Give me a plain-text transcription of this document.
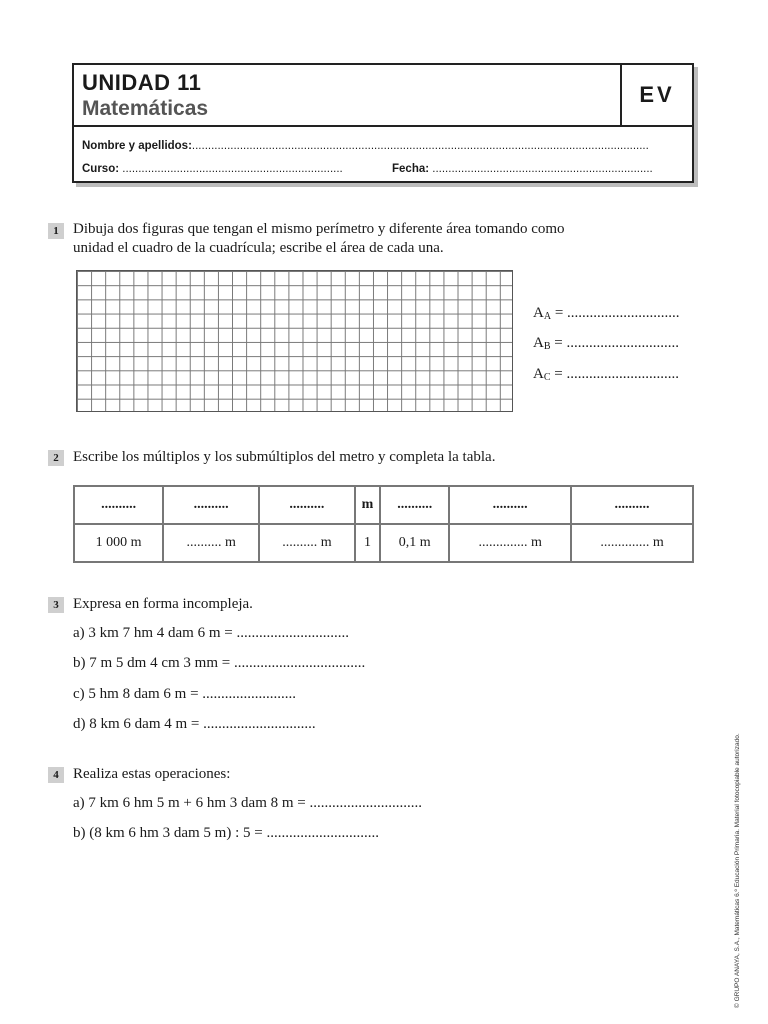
UNIDAD 11
Matemáticas
EV
Nombre y apellidos:...............................................................................................................................................
Curso: .....................................................................	Fecha: .....................................................................
1 Dibuja dos figuras que tengan el mismo perímetro y diferente área tomando como
unidad el cuadro de la cuadrícula; escribe el área de cada una.
$A_A$ = ..............................
$A_B$ = ..............................
$A_C$ = ..............................
2 Escribe los múltiplos y los submúltiplos del metro y completa la tabla.
..........	..........	..........	m	..........	..........	..........
1 000 m	.......... m	.......... m	1	0,1 m	.............. m	.............. m
3 Expresa en forma incompleja.
a) 3 km 7 hm 4 dam 6 m = ..............................
b) 7 m 5 dm 4 cm 3 mm = ...................................
c) 5 hm 8 dam 6 m = .........................
d) 8 km 6 dam 4 m = ..............................
4 Realiza estas operaciones:
a) 7 km 6 hm 5 m + 6 hm 3 dam 8 m = ..............................
b) (8 km 6 hm 3 dam 5 m) : 5 = ..............................	© GRUPO ANAYA, S.A., Matemáticas 6.º Educación Primaria. Material fotocopiable autorizado.
